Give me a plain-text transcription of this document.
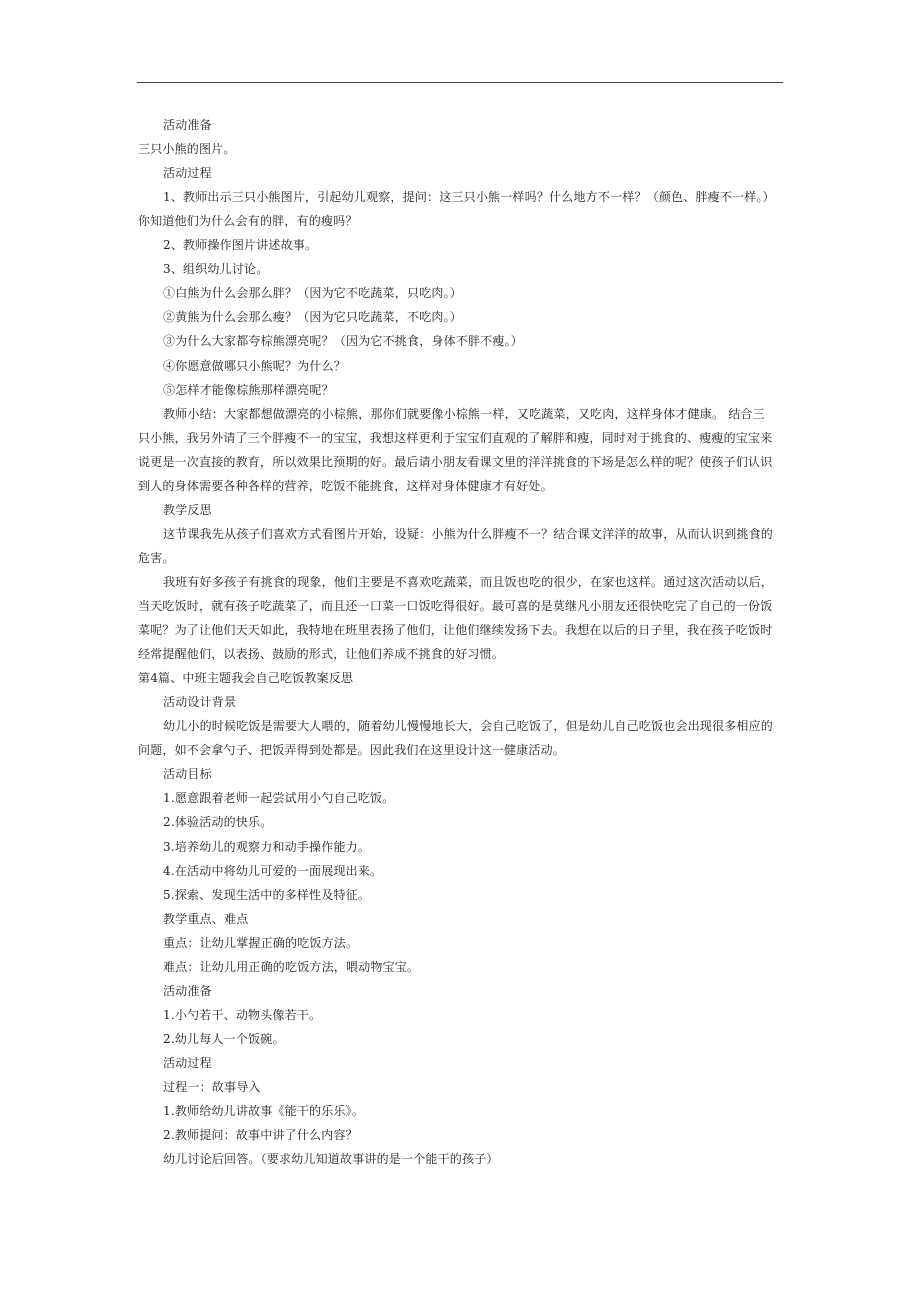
活动准备
三只小熊的图片。
活动过程
1、教师出示三只小熊图片，引起幼儿观察，提问：这三只小熊一样吗？什么地方不一样？（颜色、胖瘦不一样。）
你知道他们为什么会有的胖，有的瘦吗？
2、教师操作图片讲述故事。
3、组织幼儿讨论。
①白熊为什么会那么胖？（因为它不吃蔬菜，只吃肉。）
②黄熊为什么会那么瘦？（因为它只吃蔬菜，不吃肉。）
③为什么大家都夸棕熊漂亮呢？（因为它不挑食，身体不胖不瘦。）
④你愿意做哪只小熊呢？为什么？
⑤怎样才能像棕熊那样漂亮呢？
教师小结：大家都想做漂亮的小棕熊，那你们就要像小棕熊一样，又吃蔬菜，又吃肉，这样身体才健康。 结合三
只小熊，我另外请了三个胖瘦不一的宝宝，我想这样更利于宝宝们直观的了解胖和瘦，同时对于挑食的、瘦瘦的宝宝来
说更是一次直接的教育，所以效果比预期的好。最后请小朋友看课文里的洋洋挑食的下场是怎么样的呢？使孩子们认识
到人的身体需要各种各样的营养，吃饭不能挑食，这样对身体健康才有好处。
教学反思
这节课我先从孩子们喜欢方式看图片开始，设疑：小熊为什么胖瘦不一？结合课文洋洋的故事，从而认识到挑食的
危害。
我班有好多孩子有挑食的现象，他们主要是不喜欢吃蔬菜，而且饭也吃的很少，在家也这样。通过这次活动以后，
当天吃饭时，就有孩子吃蔬菜了，而且还一口菜一口饭吃得很好。最可喜的是莫继凡小朋友还很快吃完了自己的一份饭
菜呢？为了让他们天天如此，我特地在班里表扬了他们，让他们继续发扬下去。我想在以后的日子里，我在孩子吃饭时
经常提醒他们，以表扬、鼓励的形式，让他们养成不挑食的好习惯。
第4篇、中班主题我会自己吃饭教案反思
活动设计背景
幼儿小的时候吃饭是需要大人喂的，随着幼儿慢慢地长大，会自己吃饭了，但是幼儿自己吃饭也会出现很多相应的
问题，如不会拿勺子、把饭弄得到处都是。因此我们在这里设计这一健康活动。
活动目标
1.愿意跟着老师一起尝试用小勺自己吃饭。
2.体验活动的快乐。
3.培养幼儿的观察力和动手操作能力。
4.在活动中将幼儿可爱的一面展现出来。
5.探索、发现生活中的多样性及特征。
教学重点、难点
重点：让幼儿掌握正确的吃饭方法。
难点：让幼儿用正确的吃饭方法，喂动物宝宝。
活动准备
1.小勺若干、动物头像若干。
2.幼儿每人一个饭碗。
活动过程
过程一：故事导入
1.教师给幼儿讲故事《能干的乐乐》。
2.教师提问：故事中讲了什么内容？
幼儿讨论后回答。（要求幼儿知道故事讲的是一个能干的孩子）
